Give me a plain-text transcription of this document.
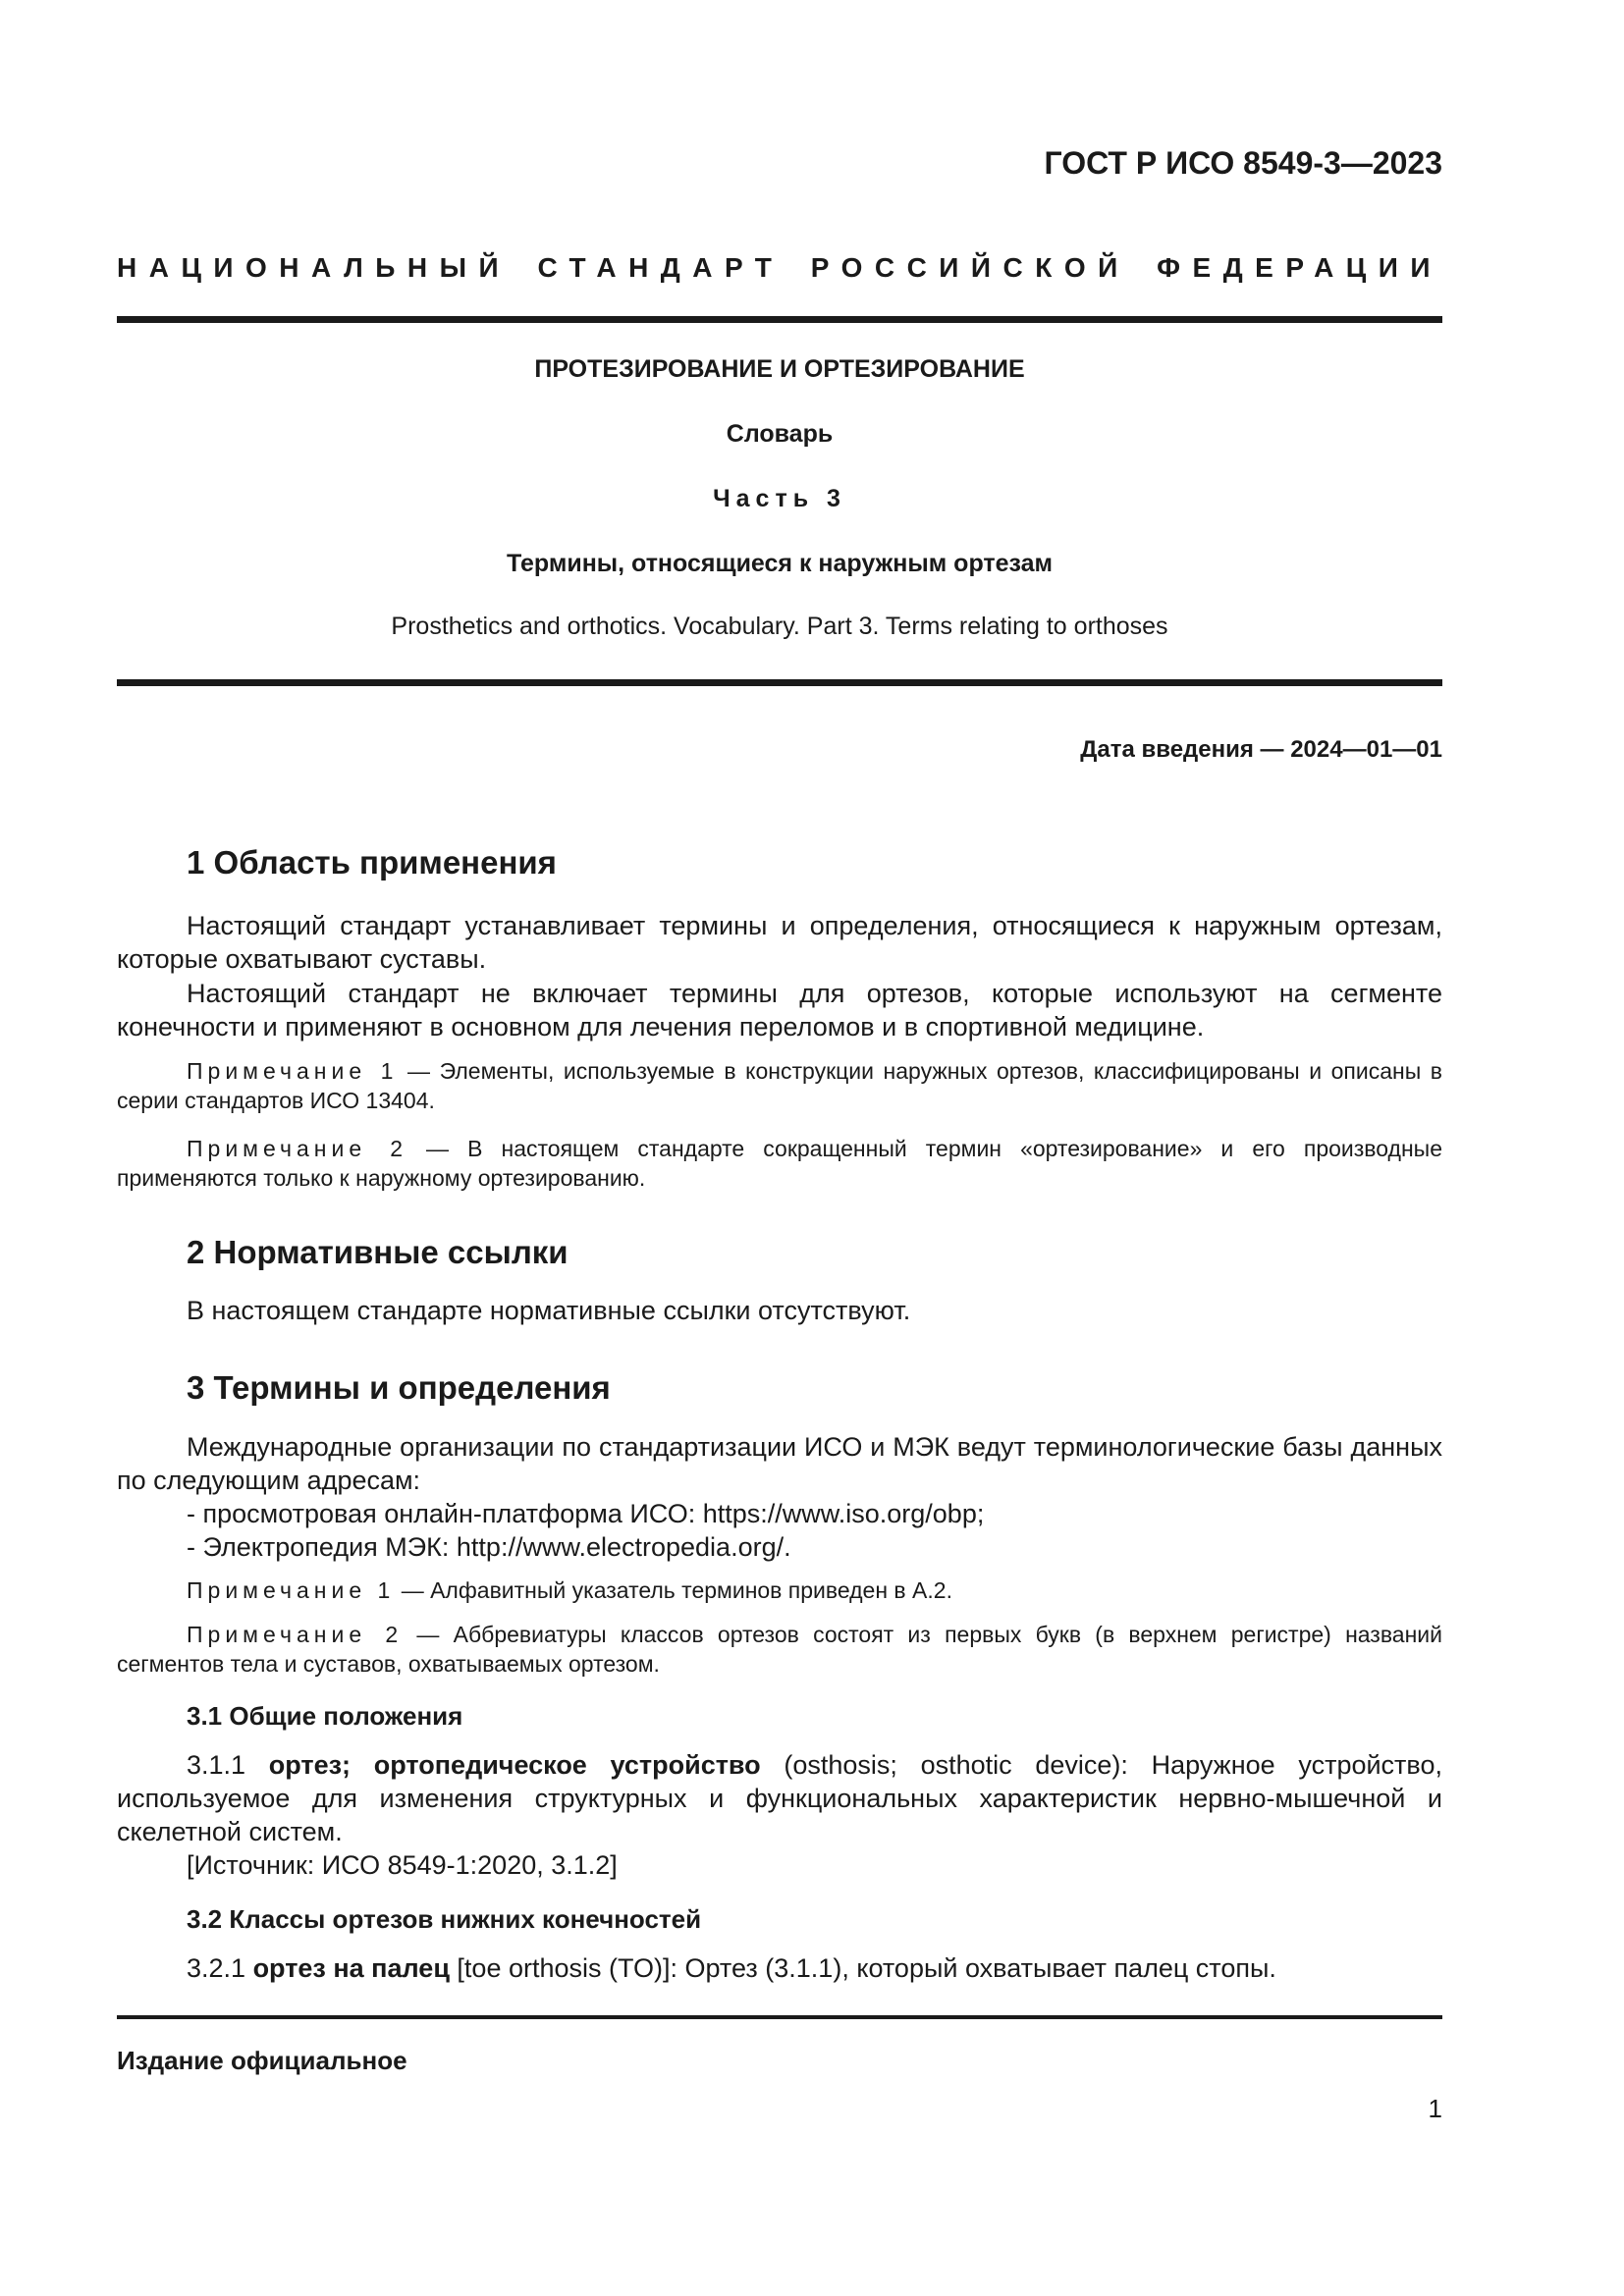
ГОСТ Р ИСО 8549-3—2023
НАЦИОНАЛЬНЫЙ СТАНДАРТ РОССИЙСКОЙ ФЕДЕРАЦИИ
ПРОТЕЗИРОВАНИЕ И ОРТЕЗИРОВАНИЕ
Словарь
Часть 3
Термины, относящиеся к наружным ортезам
Prosthetics and orthotics. Vocabulary. Part 3. Terms relating to orthoses
Дата введения — 2024—01—01
1 Область применения
Настоящий стандарт устанавливает термины и определения, относящиеся к наружным ортезам, которые охватывают суставы.
Настоящий стандарт не включает термины для ортезов, которые используют на сегменте конечности и применяют в основном для лечения переломов и в спортивной медицине.
Примечание 1 — Элементы, используемые в конструкции наружных ортезов, классифицированы и описаны в серии стандартов ИСО 13404.
Примечание 2 — В настоящем стандарте сокращенный термин «ортезирование» и его производные применяются только к наружному ортезированию.
2 Нормативные ссылки
В настоящем стандарте нормативные ссылки отсутствуют.
3 Термины и определения
Международные организации по стандартизации ИСО и МЭК ведут терминологические базы данных по следующим адресам:
- просмотровая онлайн-платформа ИСО: https://www.iso.org/obp;
- Электропедия МЭК: http://www.electropedia.org/.
Примечание 1 — Алфавитный указатель терминов приведен в А.2.
Примечание 2 — Аббревиатуры классов ортезов состоят из первых букв (в верхнем регистре) названий сегментов тела и суставов, охватываемых ортезом.
3.1 Общие положения
3.1.1 ортез; ортопедическое устройство (osthosis; osthotic device): Наружное устройство, используемое для изменения структурных и функциональных характеристик нервно-мышечной и скелетной систем.
[Источник: ИСО 8549-1:2020, 3.1.2]
3.2 Классы ортезов нижних конечностей
3.2.1 ортез на палец [toe orthosis (TO)]: Ортез (3.1.1), который охватывает палец стопы.
Издание официальное
1
